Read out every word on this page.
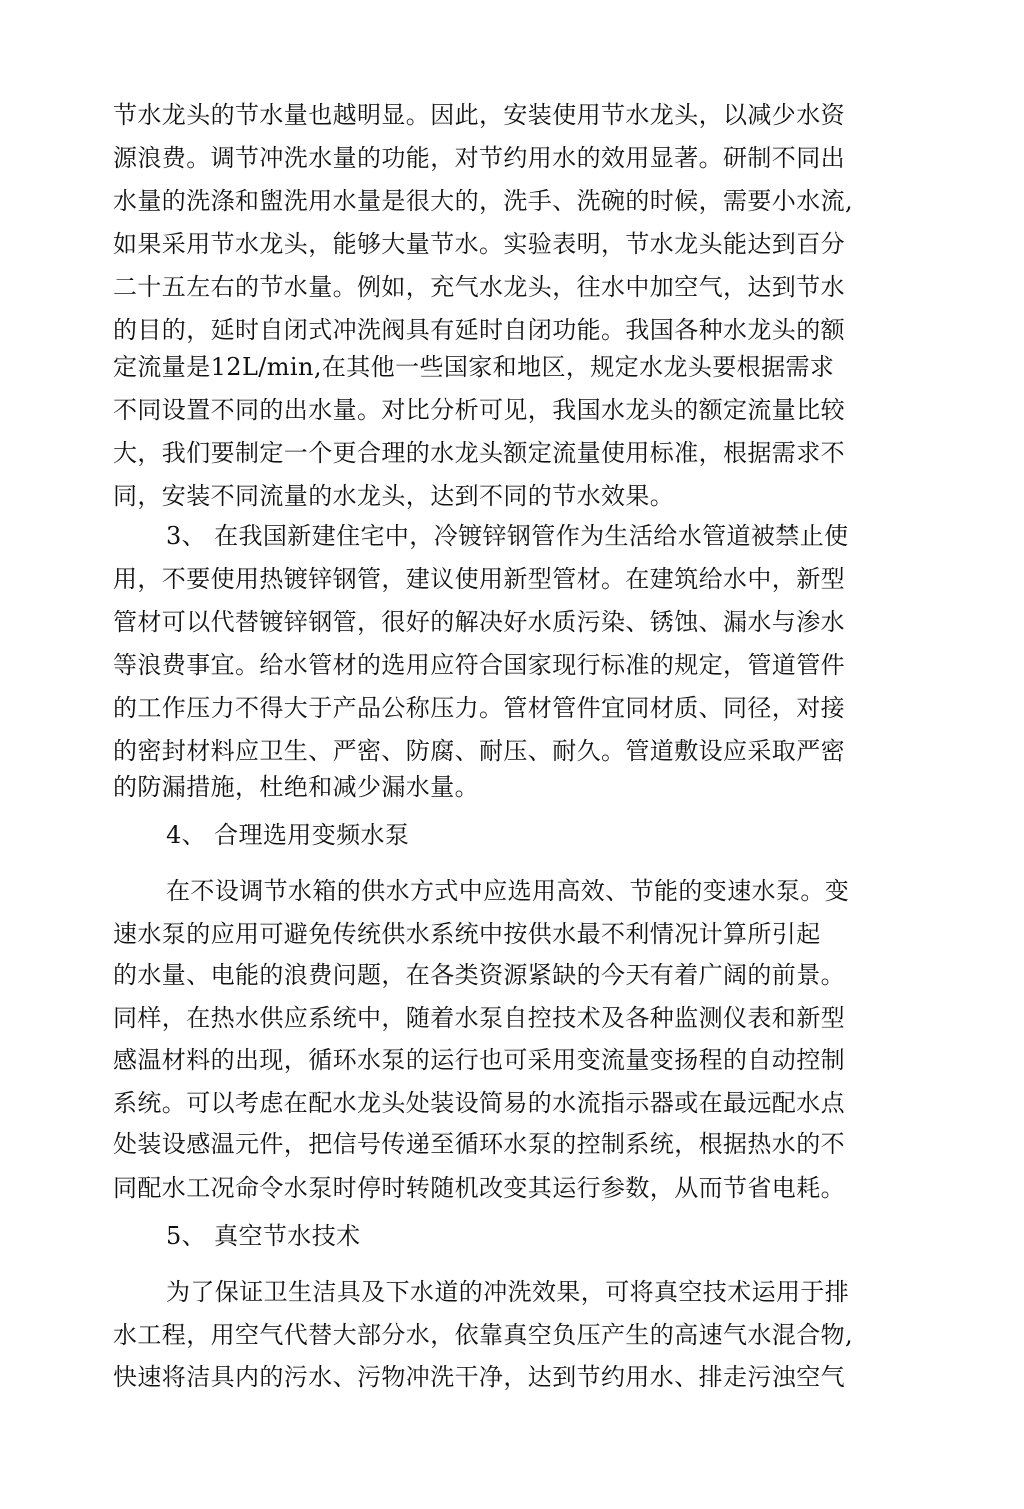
节水龙头的节水量也越明显。因此，安装使用节水龙头，以减少水资
源浪费。调节冲洗水量的功能，对节约用水的效用显著。研制不同出
水量的洗涤和盥洗用水量是很大的，洗手、洗碗的时候，需要小水流,
如果采用节水龙头，能够大量节水。实验表明，节水龙头能达到百分
二十五左右的节水量。例如，充气水龙头，往水中加空气，达到节水
的目的，延时自闭式冲洗阀具有延时自闭功能。我国各种水龙头的额
定流量是12L/min,在其他一些国家和地区，规定水龙头要根据需求
不同设置不同的出水量。对比分析可见，我国水龙头的额定流量比较
大，我们要制定一个更合理的水龙头额定流量使用标准，根据需求不
同，安装不同流量的水龙头，达到不同的节水效果。
3、 在我国新建住宅中，冷镀锌钢管作为生活给水管道被禁止使
用，不要使用热镀锌钢管，建议使用新型管材。在建筑给水中，新型
管材可以代替镀锌钢管，很好的解决好水质污染、锈蚀、漏水与渗水
等浪费事宜。给水管材的选用应符合国家现行标准的规定，管道管件
的工作压力不得大于产品公称压力。管材管件宜同材质、同径，对接
的密封材料应卫生、严密、防腐、耐压、耐久。管道敷设应采取严密
的防漏措施，杜绝和减少漏水量。
4、 合理选用变频水泵
在不设调节水箱的供水方式中应选用高效、节能的变速水泵。变
速水泵的应用可避免传统供水系统中按供水最不利情况计算所引起
的水量、电能的浪费问题，在各类资源紧缺的今天有着广阔的前景。
同样，在热水供应系统中，随着水泵自控技术及各种监测仪表和新型
感温材料的出现，循环水泵的运行也可采用变流量变扬程的自动控制
系统。可以考虑在配水龙头处装设简易的水流指示器或在最远配水点
处装设感温元件，把信号传递至循环水泵的控制系统，根据热水的不
同配水工况命令水泵时停时转随机改变其运行参数，从而节省电耗。
5、 真空节水技术
为了保证卫生洁具及下水道的冲洗效果，可将真空技术运用于排
水工程，用空气代替大部分水，依靠真空负压产生的高速气水混合物,
快速将洁具内的污水、污物冲洗干净，达到节约用水、排走污浊空气
